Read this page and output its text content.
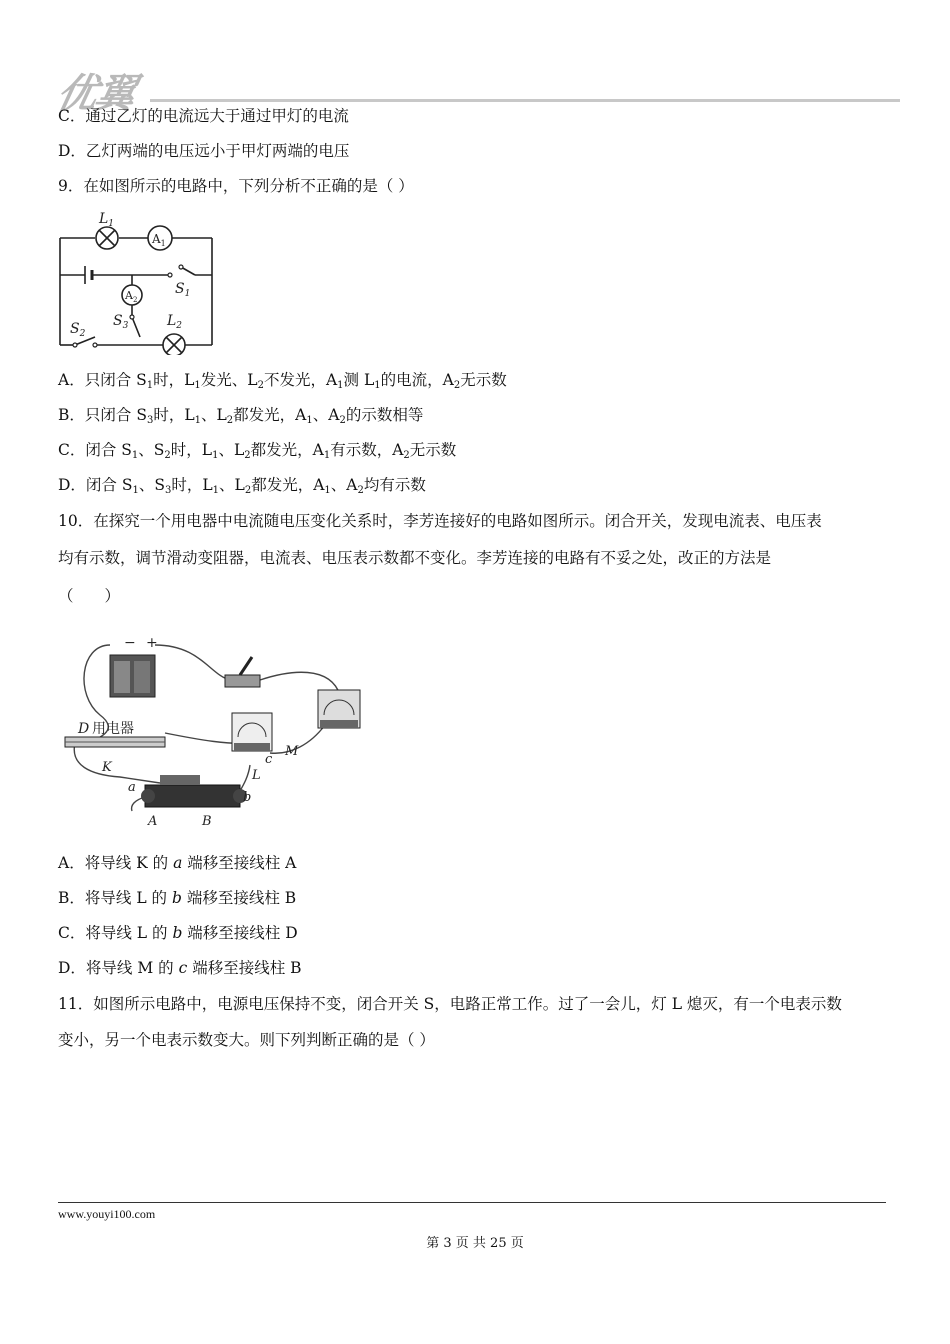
优翼
C．通过乙灯的电流远大于通过甲灯的电流
D．乙灯两端的电压远小于甲灯两端的电压
9．在如图所示的电路中，下列分析不正确的是（ ）
$L_1$
$A_1$
$A_2$
$S_1$
$S_3$
$S_2$
$L_2$
A．只闭合 $S_1$时，$L_1$发光、$L_2$不发光，$A_1$测 $L_1$的电流，$A_2$无示数
B．只闭合 $S_3$时，$L_1$、$L_2$都发光，$A_1$、$A_2$的示数相等
C．闭合 $S_1$、$S_2$时，$L_1$、$L_2$都发光，$A_1$有示数，$A_2$无示数
D．闭合 $S_1$、$S_3$时，$L_1$、$L_2$都发光，$A_1$、$A_2$均有示数
10．在探究一个用电器中电流随电压变化关系时，李芳连接好的电路如图所示。闭合开关，发现电流表、电压表
均有示数，调节滑动变阻器，电流表、电压表示数都不变化。李芳连接的电路有不妥之处，改正的方法是
（　　）
− +
D 用电器
K
a
A
b
B
c
L
M
A．将导线 K 的 a 端移至接线柱 A
B．将导线 L 的 b 端移至接线柱 B
C．将导线 L 的 b 端移至接线柱 D
D．将导线 M 的 c 端移至接线柱 B
11．如图所示电路中，电源电压保持不变，闭合开关 S，电路正常工作。过了一会儿，灯 L 熄灭，有一个电表示数
变小，另一个电表示数变大。则下列判断正确的是（ ）
www.youyi100.com
第 3 页 共 25 页
